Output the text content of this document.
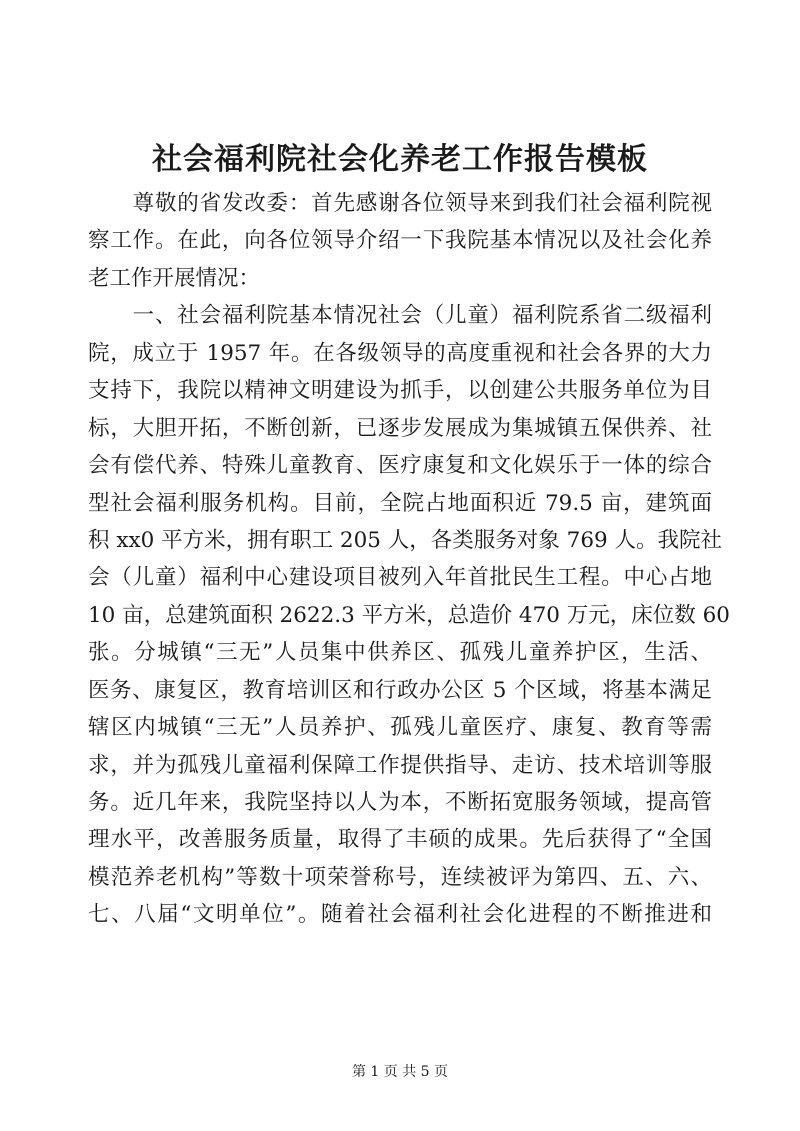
社会福利院社会化养老工作报告模板
　　尊敬的省发改委：首先感谢各位领导来到我们社会福利院视
察工作。在此，向各位领导介绍一下我院基本情况以及社会化养
老工作开展情况：
　　一、社会福利院基本情况社会（儿童）福利院系省二级福利
院，成立于 1957 年。在各级领导的高度重视和社会各界的大力
支持下，我院以精神文明建设为抓手，以创建公共服务单位为目
标，大胆开拓，不断创新，已逐步发展成为集城镇五保供养、社
会有偿代养、特殊儿童教育、医疗康复和文化娱乐于一体的综合
型社会福利服务机构。目前，全院占地面积近 79.5 亩，建筑面
积 xx0 平方米，拥有职工 205 人，各类服务对象 769 人。我院社
会（儿童）福利中心建设项目被列入年首批民生工程。中心占地
10 亩，总建筑面积 2622.3 平方米，总造价 470 万元，床位数 60
张。分城镇“三无”人员集中供养区、孤残儿童养护区，生活、
医务、康复区，教育培训区和行政办公区 5 个区域，将基本满足
辖区内城镇“三无”人员养护、孤残儿童医疗、康复、教育等需
求，并为孤残儿童福利保障工作提供指导、走访、技术培训等服
务。近几年来，我院坚持以人为本，不断拓宽服务领域，提高管
理水平，改善服务质量，取得了丰硕的成果。先后获得了“全国
模范养老机构”等数十项荣誉称号，连续被评为第四、五、六、
七、八届“文明单位”。随着社会福利社会化进程的不断推进和
第 1 页 共 5 页
